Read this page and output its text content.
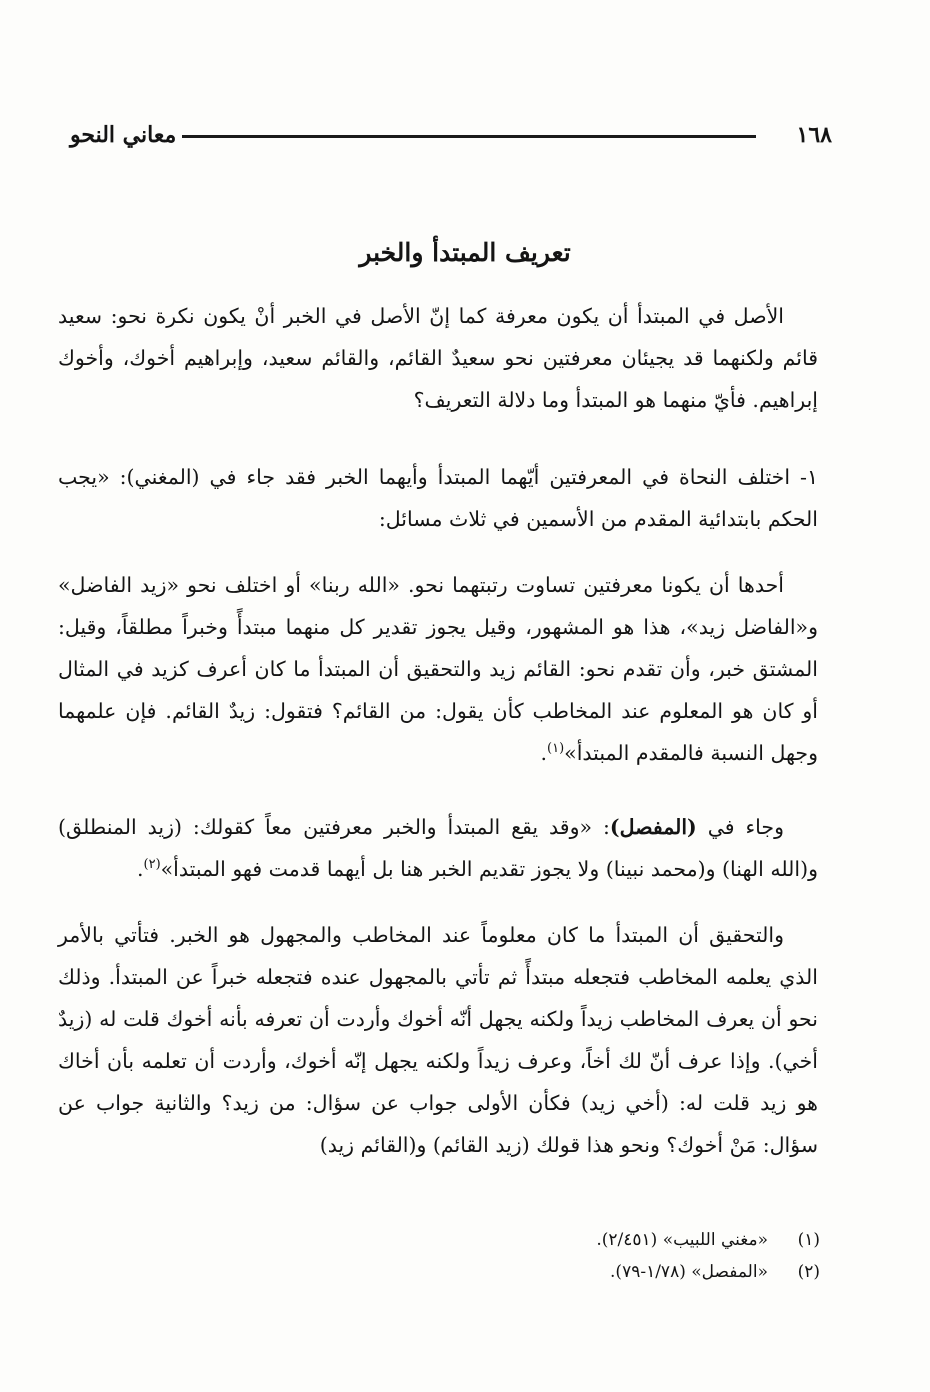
معاني النحو	١٦٨
تعريف المبتدأ والخبر

الأصل في المبتدأ أن يكون معرفة كما إنّ الأصل في الخبر أنْ يكون نكرة نحو: سعيد قائم ولكنهما قد يجيئان معرفتين نحو سعيدٌ القائم، والقائم سعيد، وإبراهيم أخوك، وأخوك إبراهيم. فأيّ منهما هو المبتدأ وما دلالة التعريف؟

١- اختلف النحاة في المعرفتين أيّهما المبتدأ وأيهما الخبر فقد جاء في (المغني): «يجب الحكم بابتدائية المقدم من الأسمين في ثلاث مسائل:

أحدها أن يكونا معرفتين تساوت رتبتهما نحو. «الله ربنا» أو اختلف نحو «زيد الفاضل» و«الفاضل زيد»، هذا هو المشهور، وقيل يجوز تقدير كل منهما مبتدأً وخبراً مطلقاً، وقيل: المشتق خبر، وأن تقدم نحو: القائم زيد والتحقيق أن المبتدأ ما كان أعرف كزيد في المثال أو كان هو المعلوم عند المخاطب كأن يقول: من القائم؟ فتقول: زيدٌ القائم. فإن علمهما وجهل النسبة فالمقدم المبتدأ»$^{(١)}$.

وجاء في (المفصل): «وقد يقع المبتدأ والخبر معرفتين معاً كقولك: (زيد المنطلق) و(الله الهنا) و(محمد نبينا) ولا يجوز تقديم الخبر هنا بل أيهما قدمت فهو المبتدأ»$^{(٢)}$.

والتحقيق أن المبتدأ ما كان معلوماً عند المخاطب والمجهول هو الخبر. فتأتي بالأمر الذي يعلمه المخاطب فتجعله مبتدأً ثم تأتي بالمجهول عنده فتجعله خبراً عن المبتدأ. وذلك نحو أن يعرف المخاطب زيداً ولكنه يجهل أنّه أخوك وأردت أن تعرفه بأنه أخوك قلت له (زيدٌ أخي). وإذا عرف أنّ لك أخاً، وعرف زيداً ولكنه يجهل إنّه أخوك، وأردت أن تعلمه بأن أخاك هو زيد قلت له: (أخي زيد) فكأن الأولى جواب عن سؤال: من زيد؟ والثانية جواب عن سؤال: مَنْ أخوك؟ ونحو هذا قولك (زيد القائم) و(القائم زيد)

(١)
«مغني اللبيب» (٢/٤٥١).
(٢)
«المفصل» (١/٧٨-٧٩).
